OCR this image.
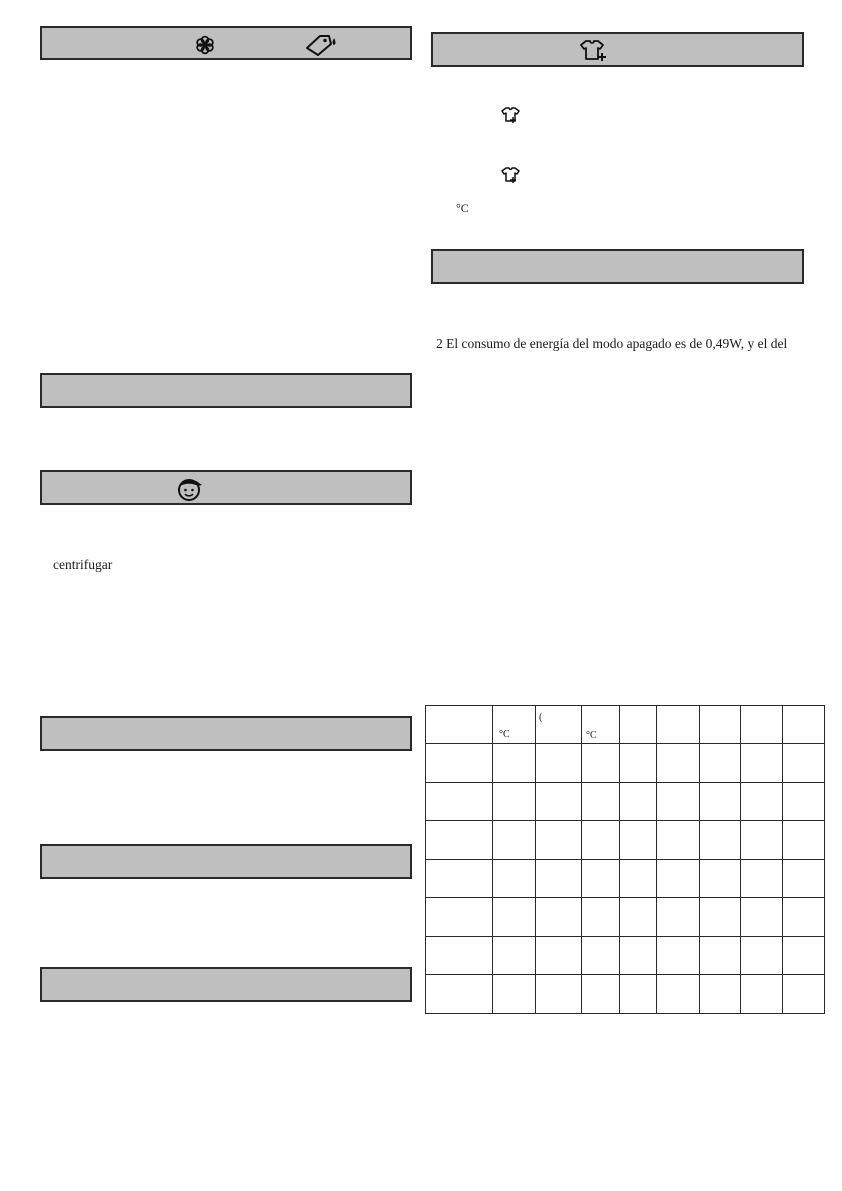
centrifugar
°C
2 El consumo de energía del modo apagado es de 0,49W, y el del

	°C	(	°C					
